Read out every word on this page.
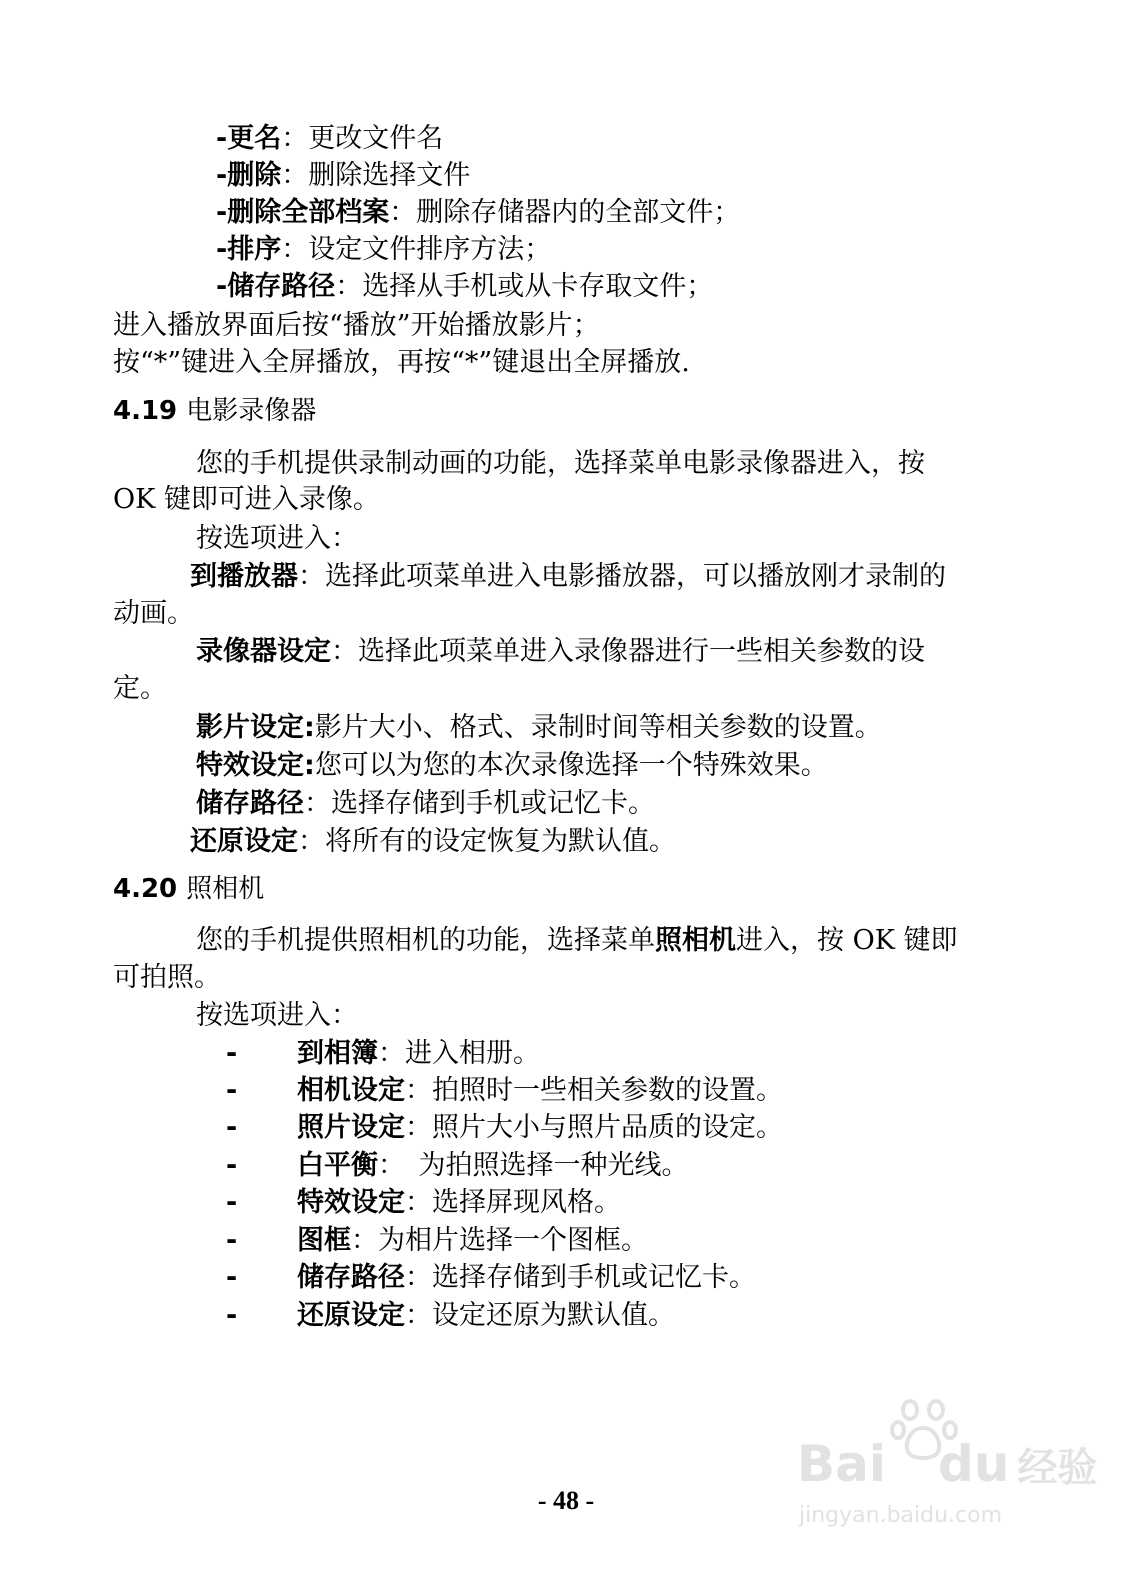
-更名：更改文件名
-删除：删除选择文件
-删除全部档案：删除存储器内的全部文件；
-排序：设定文件排序方法；
-储存路径：选择从手机或从卡存取文件；
进入播放界面后按“播放”开始播放影片；
按“*”键进入全屏播放，再按“*”键退出全屏播放.
4.19 电影录像器
您的手机提供录制动画的功能，选择菜单电影录像器进入，按
OK 键即可进入录像。
按选项进入：
到播放器：选择此项菜单进入电影播放器，可以播放刚才录制的
动画。
录像器设定：选择此项菜单进入录像器进行一些相关参数的设
定。
影片设定:影片大小、格式、录制时间等相关参数的设置。
特效设定:您可以为您的本次录像选择一个特殊效果。
储存路径：选择存储到手机或记忆卡。
还原设定：将所有的设定恢复为默认值。
4.20 照相机
您的手机提供照相机的功能，选择菜单照相机进入，按 OK 键即
可拍照。
按选项进入：
- 到相簿：进入相册。
- 相机设定：拍照时一些相关参数的设置。
- 照片设定：照片大小与照片品质的设定。
- 白平衡：　为拍照选择一种光线。
- 特效设定：选择屏现风格。
- 图框：为相片选择一个图框。
- 储存路径：选择存储到手机或记忆卡。
- 还原设定：设定还原为默认值。
Bai du 经验
jingyan.baidu.com
- 48 -
